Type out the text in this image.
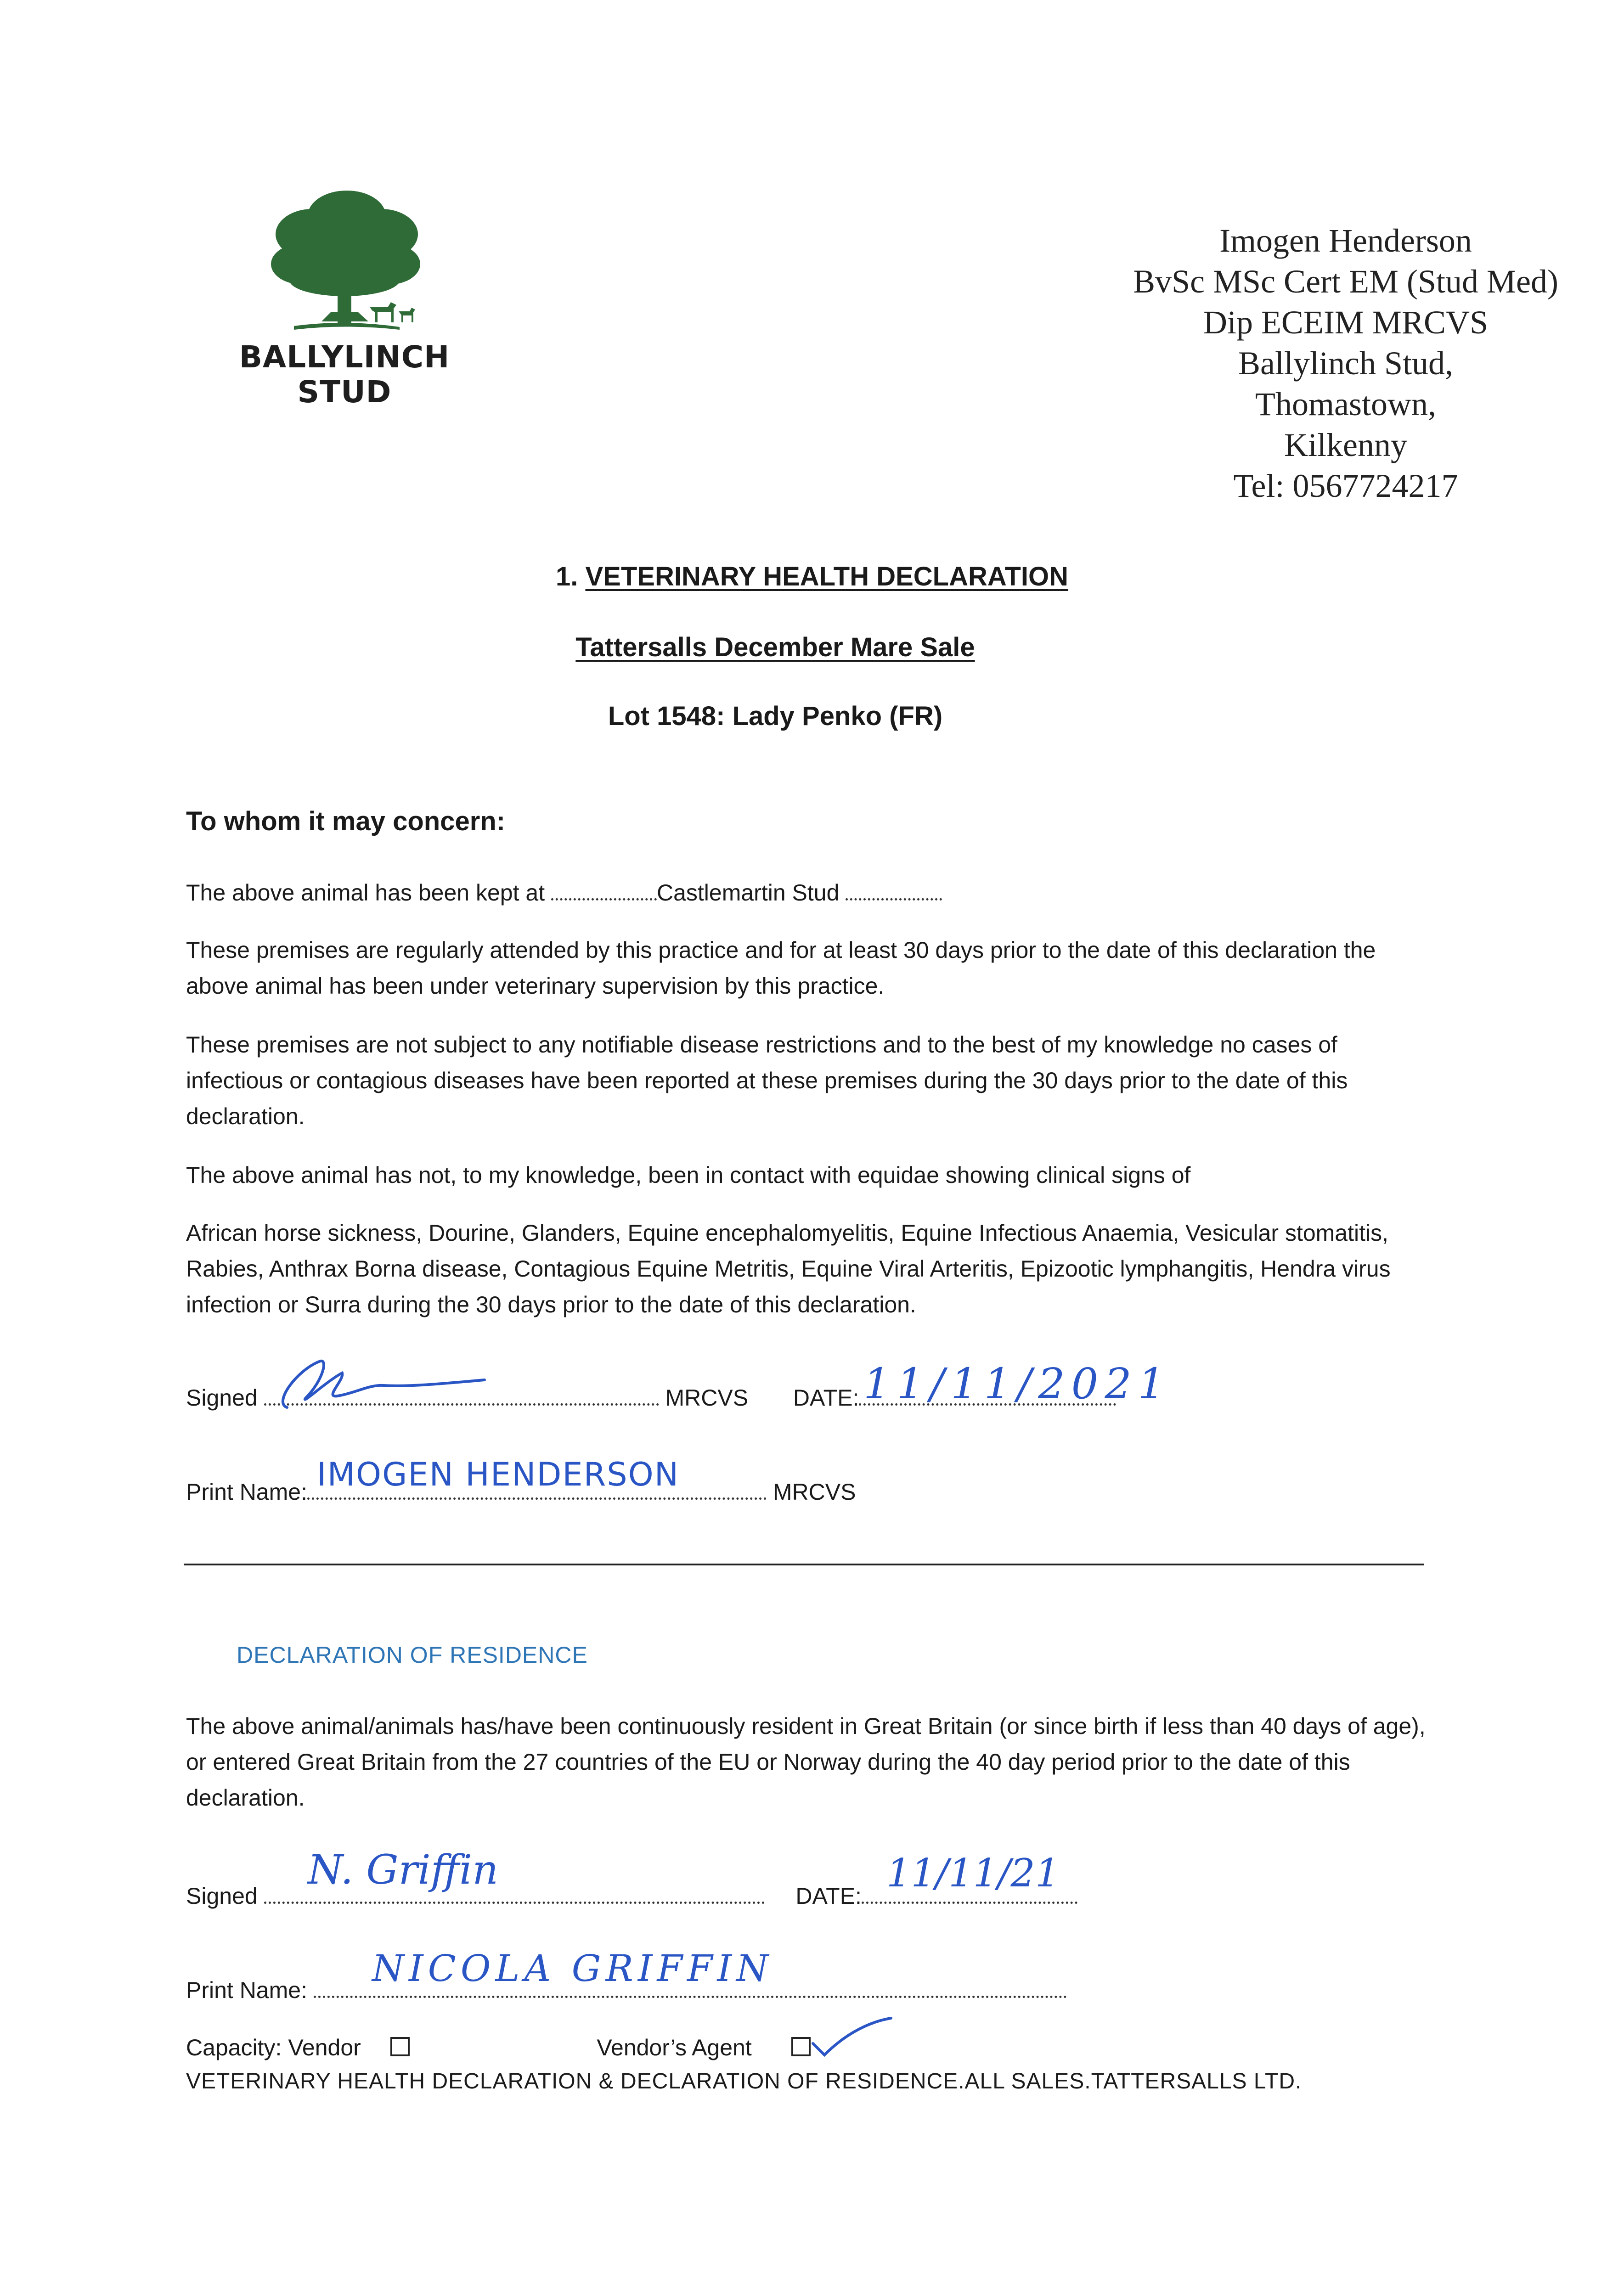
BALLYLINCH
STUD
Imogen Henderson
BvSc MSc Cert EM (Stud Med)
Dip ECEIM MRCVS
Ballylinch Stud,
Thomastown,
Kilkenny
Tel: 0567724217
1. VETERINARY HEALTH DECLARATION
Tattersalls December Mare Sale
Lot 1548: Lady Penko (FR)
To whom it may concern:
The above animal has been kept at	Castlemartin Stud
These premises are regularly attended by this practice and for at least 30 days prior to the date of this declaration the above animal has been under veterinary supervision by this practice.
These premises are not subject to any notifiable disease restrictions and to the best of my knowledge no cases of infectious or contagious diseases have been reported at these premises during the 30 days prior to the date of this declaration.
The above animal has not, to my knowledge, been in contact with equidae showing clinical signs of
African horse sickness, Dourine, Glanders, Equine encephalomyelitis, Equine Infectious Anaemia, Vesicular stomatitis, Rabies, Anthrax Borna disease, Contagious Equine Metritis, Equine Viral Arteritis, Epizootic lymphangitis, Hendra virus infection or Surra during the 30 days prior to the date of this declaration.
Signed	MRCVS DATE: 11/11/2021
Print Name:	MRCVS
IMOGEN HENDERSON
DECLARATION OF RESIDENCE
The above animal/animals has/have been continuously resident in Great Britain (or since birth if less than 40 days of age), or entered Great Britain from the 27 countries of the EU or Norway during the 40 day period prior to the date of this declaration.
Signed	DATE:
N. Griffin	11/11/21
Print Name:
NICOLA GRIFFIN
Capacity: Vendor	Vendor’s Agent
VETERINARY HEALTH DECLARATION & DECLARATION OF RESIDENCE.ALL SALES.TATTERSALLS LTD.
